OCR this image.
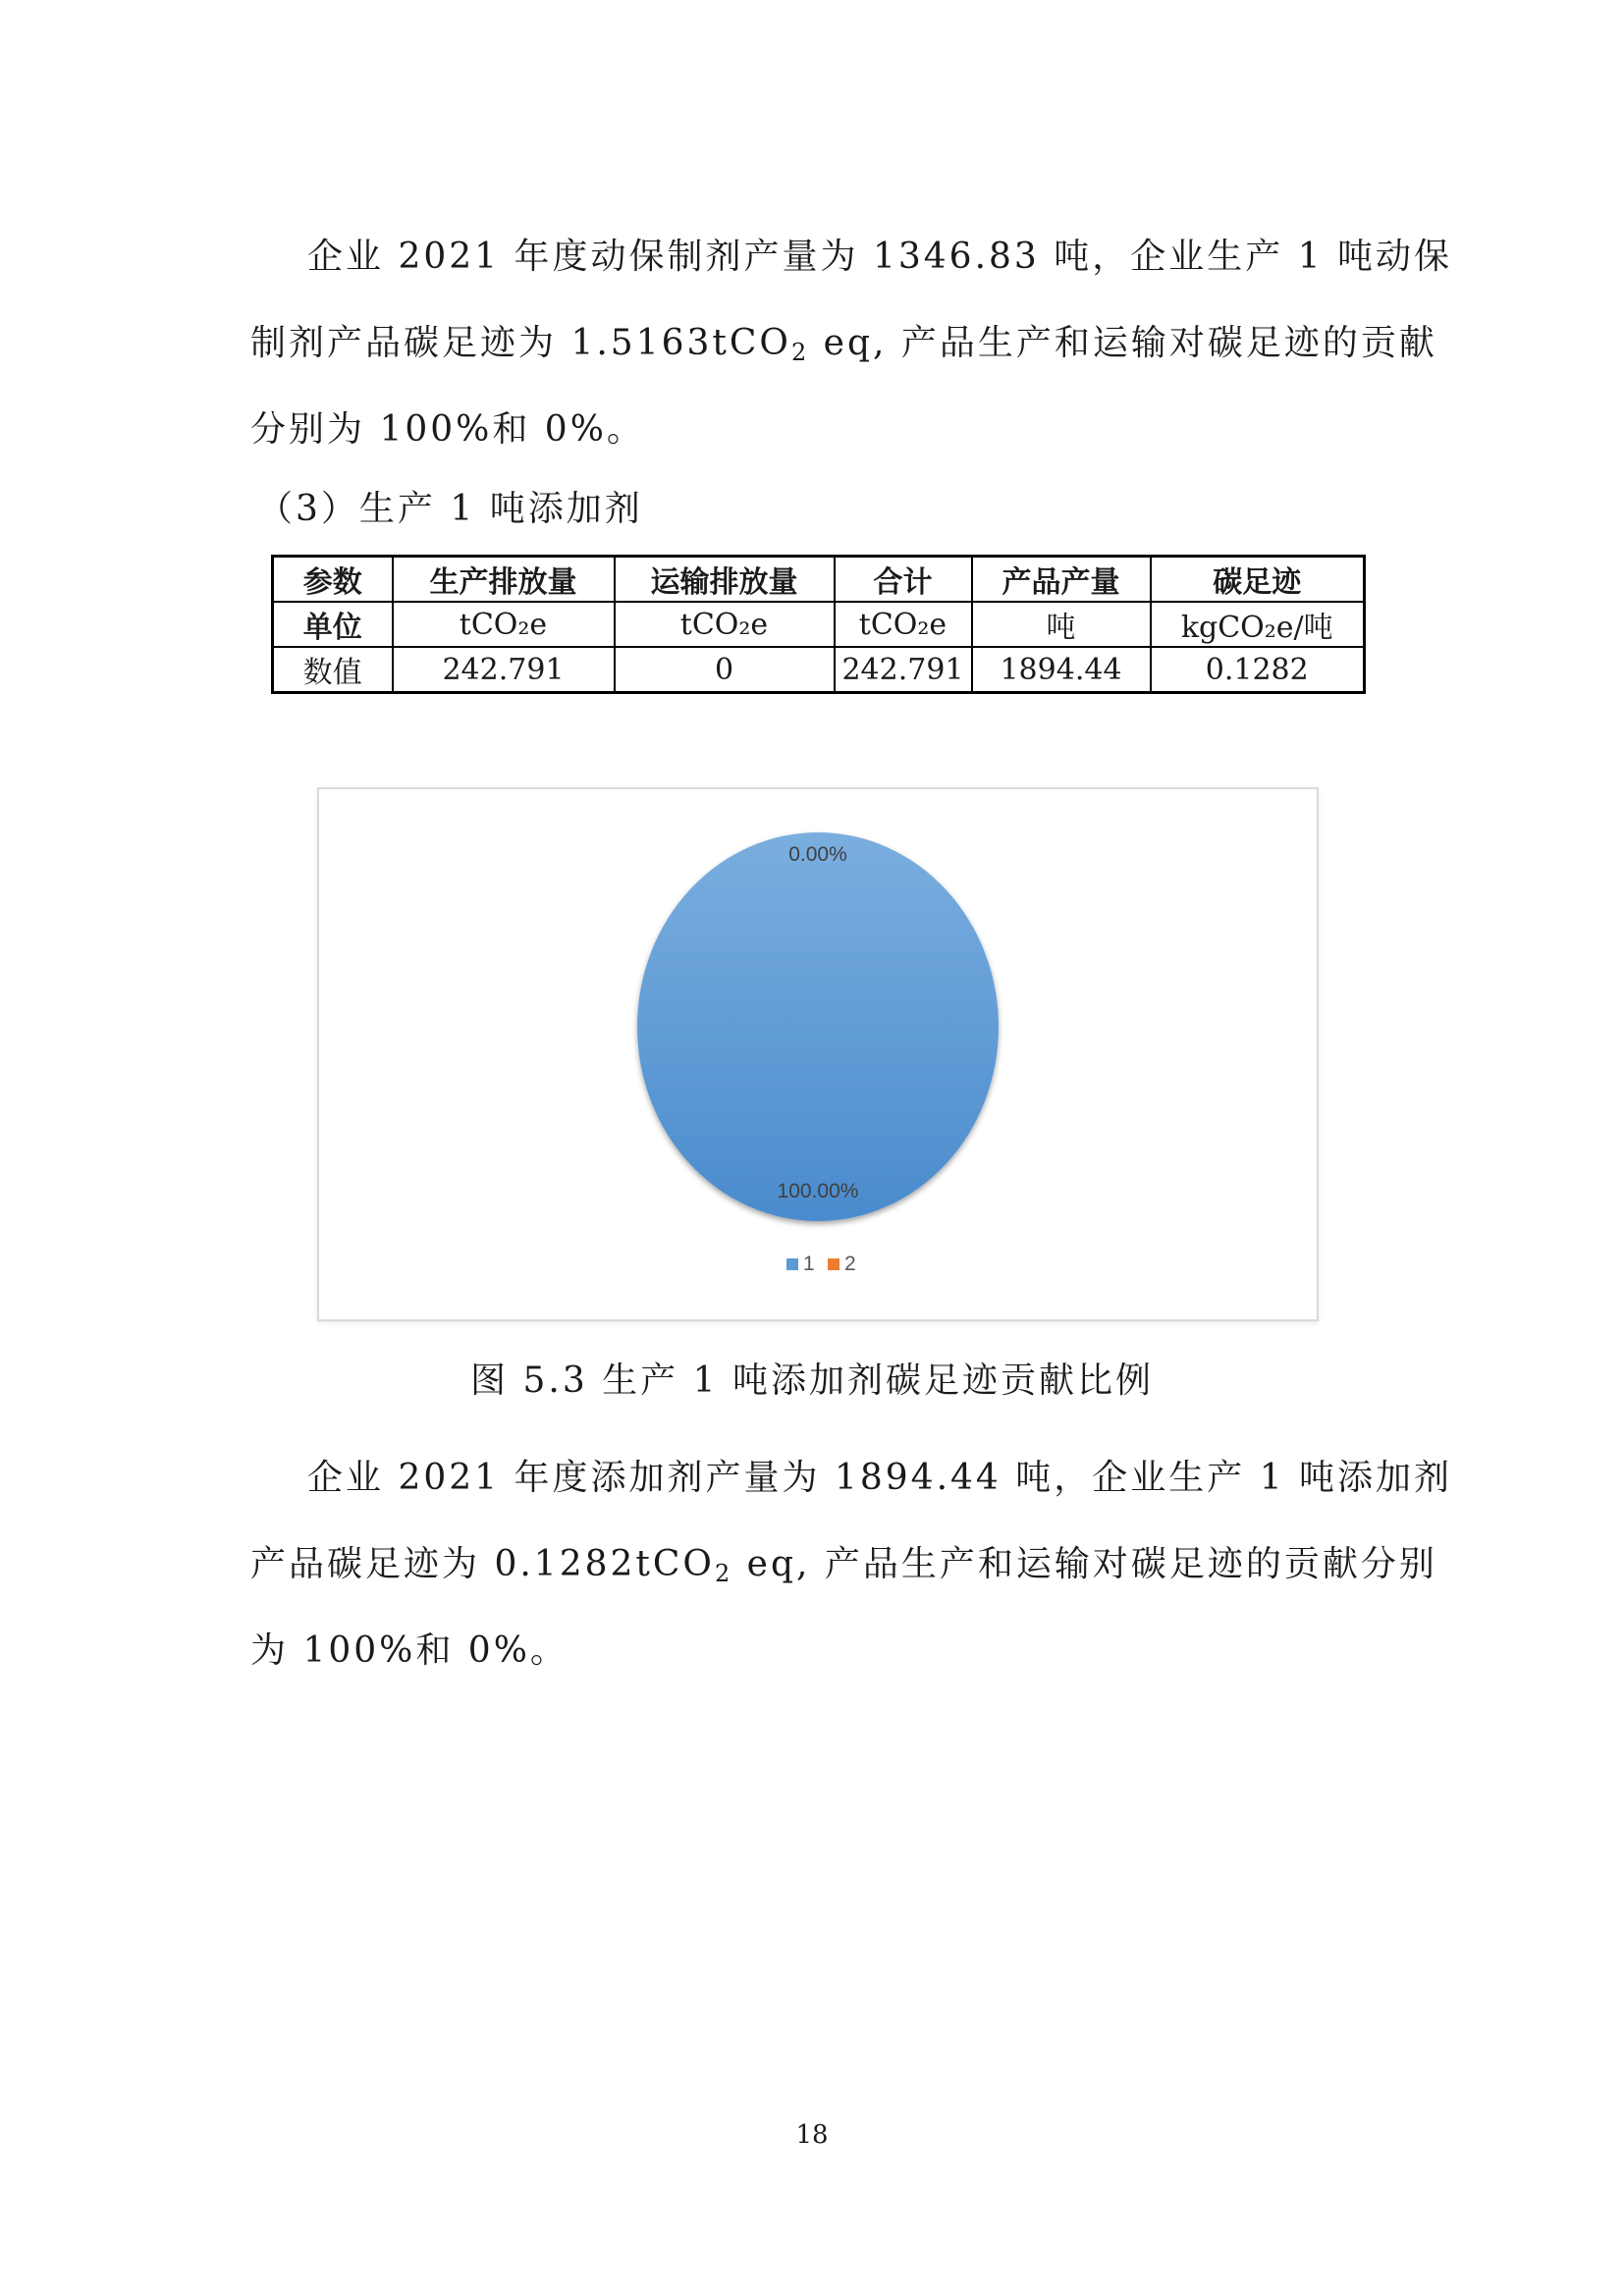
企业 2021 年度动保制剂产量为 1346.83 吨，企业生产 1 吨动保
制剂产品碳足迹为 1.5163tCO$_2$ eq, 产品生产和运输对碳足迹的贡献
分别为 100%和 0%。

（3）生产 1 吨添加剂

参数	生产排放量	运输排放量	合计	产品产量	碳足迹
单位	tCO₂e	tCO₂e	tCO₂e	吨	kgCO₂e/吨
数值	242.791	0	242.791	1894.44	0.1282
0.00%
100.00%
1 2

图 5.3 生产 1 吨添加剂碳足迹贡献比例

企业 2021 年度添加剂产量为 1894.44 吨，企业生产 1 吨添加剂
产品碳足迹为 0.1282tCO$_2$ eq, 产品生产和运输对碳足迹的贡献分别
为 100%和 0%。

18
